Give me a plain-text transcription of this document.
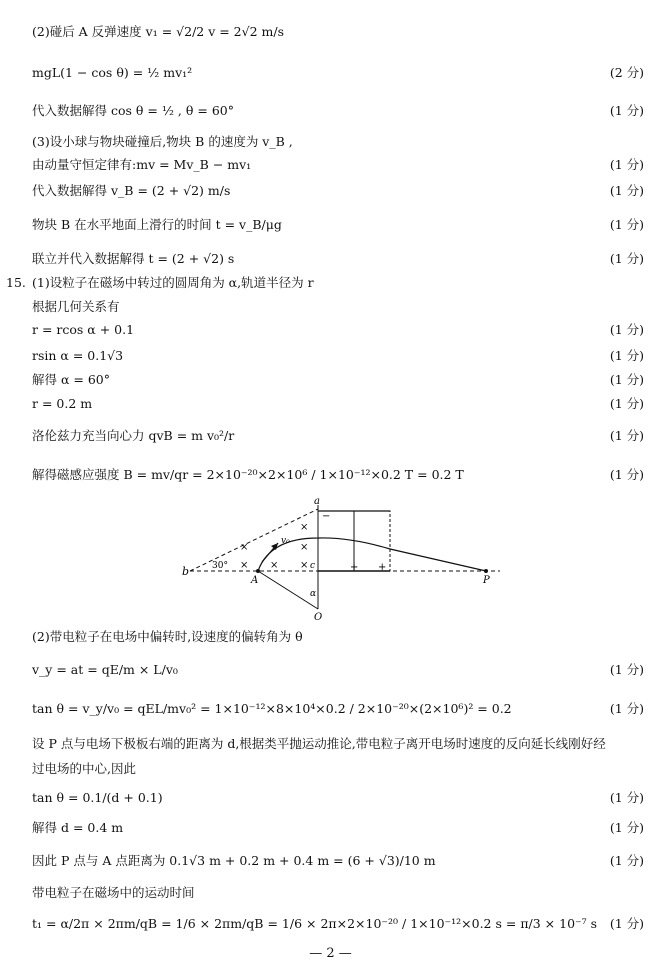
(2)碰后 A 反弹速度 v₁ = √2/2 v = 2√2 m/s
mgL(1 − cos θ) = ½ mv₁²	(2 分)
代入数据解得 cos θ = ½ , θ = 60°	(1 分)
(3)设小球与物块碰撞后,物块 B 的速度为 v_B ,
由动量守恒定律有:mv = Mv_B − mv₁	(1 分)
代入数据解得 v_B = (2 + √2) m/s	(1 分)
物块 B 在水平地面上滑行的时间 t = v_B/μg	(1 分)
联立并代入数据解得 t = (2 + √2) s	(1 分)
15. (1)设粒子在磁场中转过的圆周角为 α,轨道半径为 r
根据几何关系有
r = rcos α + 0.1	(1 分)
rsin α = 0.1√3	(1 分)
解得 α = 60°	(1 分)
r = 0.2 m	(1 分)
洛伦兹力充当向心力 qvB = m v₀²/r	(1 分)
解得磁感应强度 B = mv/qr = 2×10⁻²⁰×2×10⁶ / 1×10⁻¹²×0.2 T = 0.2 T	(1 分)
a
b
A
O
P
c
v₀
α
30°
×
× ×
×
×
×
−
+ +
(2)带电粒子在电场中偏转时,设速度的偏转角为 θ
v_y = at = qE/m × L/v₀	(1 分)
tan θ = v_y/v₀ = qEL/mv₀² = 1×10⁻¹²×8×10⁴×0.2 / 2×10⁻²⁰×(2×10⁶)² = 0.2	(1 分)
设 P 点与电场下极板右端的距离为 d,根据类平抛运动推论,带电粒子离开电场时速度的反向延长线刚好经
过电场的中心,因此
tan θ = 0.1/(d + 0.1)	(1 分)
解得 d = 0.4 m	(1 分)
因此 P 点与 A 点距离为 0.1√3 m + 0.2 m + 0.4 m = (6 + √3)/10 m	(1 分)
带电粒子在磁场中的运动时间
t₁ = α/2π × 2πm/qB = 1/6 × 2πm/qB = 1/6 × 2π×2×10⁻²⁰ / 1×10⁻¹²×0.2 s = π/3 × 10⁻⁷ s (1 分)
— 2 —
